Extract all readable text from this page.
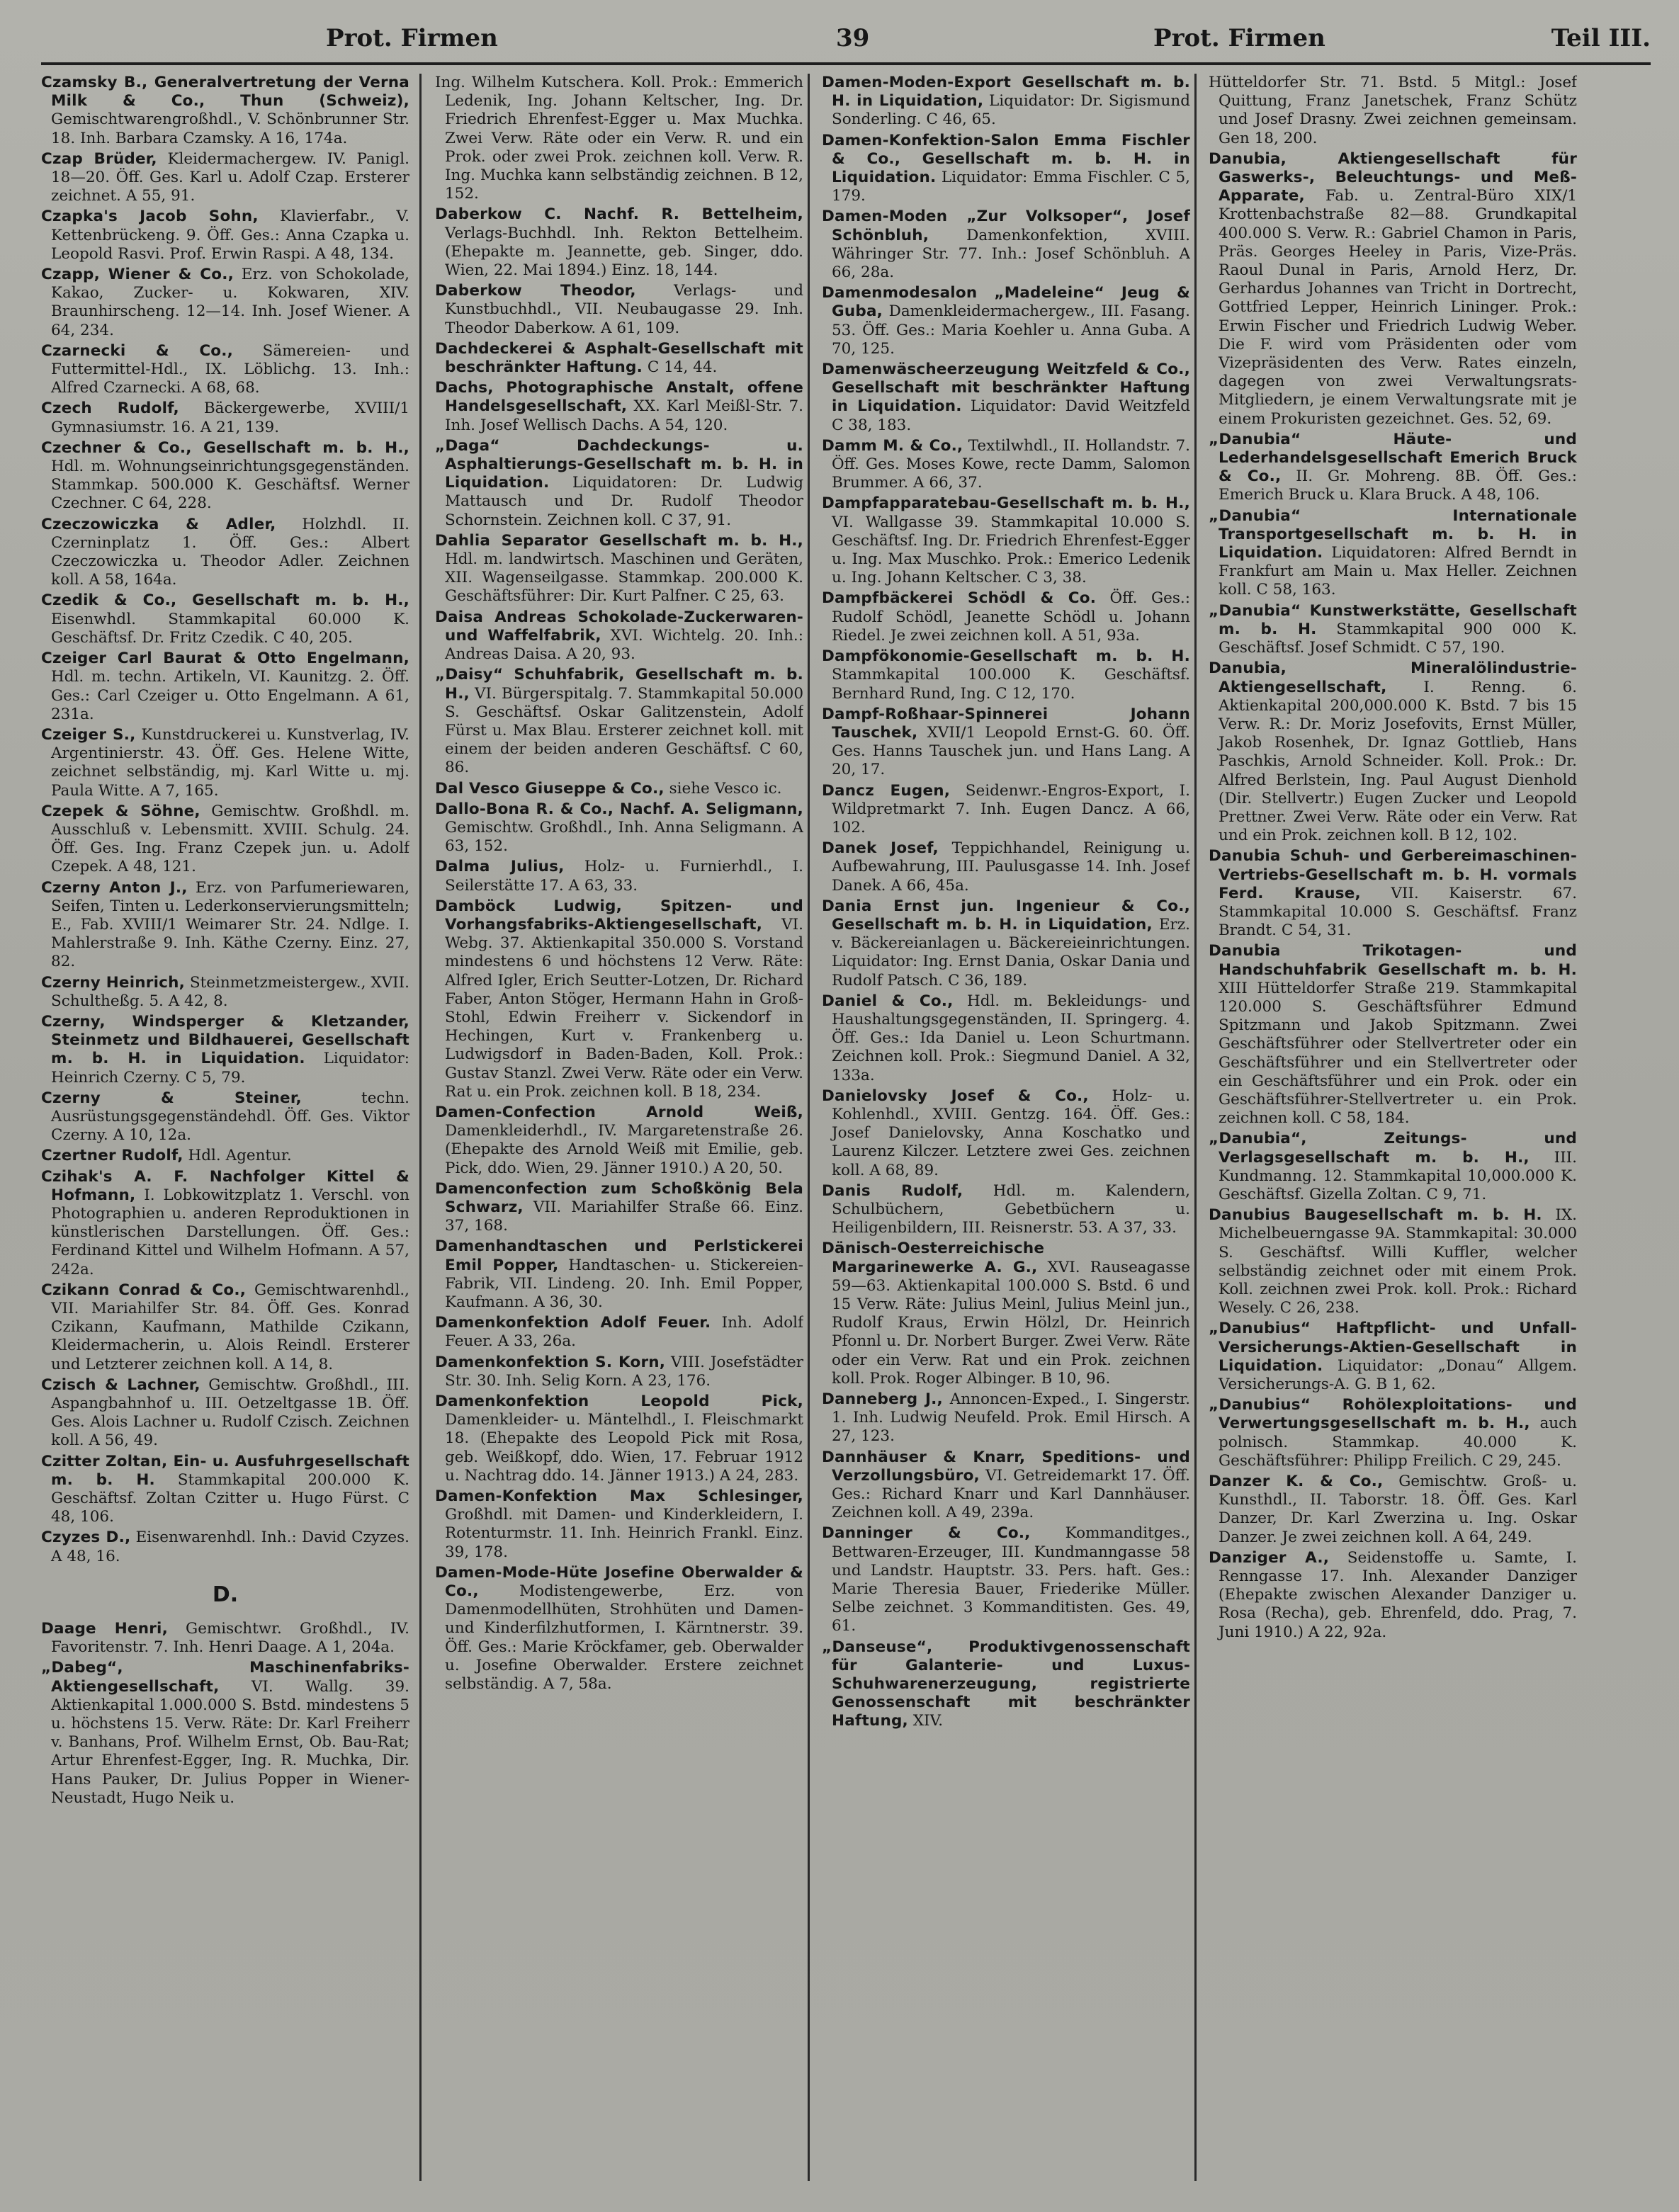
Prot. Firmen	39	Prot. Firmen	Teil III.
Czamsky B., Generalvertretung der Verna Milk & Co., Thun (Schweiz), Gemischtwarengroßhdl., V. Schönbrunner Str. 18. Inh. Barbara Czamsky. A 16, 174a.
Czap Brüder, Kleidermachergew. IV. Panigl. 18—20. Öff. Ges. Karl u. Adolf Czap. Ersterer zeichnet. A 55, 91.
Czapka's Jacob Sohn, Klavierfabr., V. Kettenbrückeng. 9. Öff. Ges.: Anna Czapka u. Leopold Rasvi. Prof. Erwin Raspi. A 48, 134.
Czapp, Wiener & Co., Erz. von Schokolade, Kakao, Zucker- u. Kokwaren, XIV. Braunhirscheng. 12—14. Inh. Josef Wiener. A 64, 234.
Czarnecki & Co., Sämereien- und Futtermittel-Hdl., IX. Löblichg. 13. Inh.: Alfred Czarnecki. A 68, 68.
Czech Rudolf, Bäckergewerbe, XVIII/1 Gymnasiumstr. 16. A 21, 139.
Czechner & Co., Gesellschaft m. b. H., Hdl. m. Wohnungseinrichtungsgegenständen. Stammkap. 500.000 K. Geschäftsf. Werner Czechner. C 64, 228.
Czeczowiczka & Adler, Holzhdl. II. Czerninplatz 1. Öff. Ges.: Albert Czeczowiczka u. Theodor Adler. Zeichnen koll. A 58, 164a.
Czedik & Co., Gesellschaft m. b. H., Eisenwhdl. Stammkapital 60.000 K. Geschäftsf. Dr. Fritz Czedik. C 40, 205.
Czeiger Carl Baurat & Otto Engelmann, Hdl. m. techn. Artikeln, VI. Kaunitzg. 2. Öff. Ges.: Carl Czeiger u. Otto Engelmann. A 61, 231a.
Czeiger S., Kunstdruckerei u. Kunstverlag, IV. Argentinierstr. 43. Öff. Ges. Helene Witte, zeichnet selbständig, mj. Karl Witte u. mj. Paula Witte. A 7, 165.
Czepek & Söhne, Gemischtw. Großhdl. m. Ausschluß v. Lebensmitt. XVIII. Schulg. 24. Öff. Ges. Ing. Franz Czepek jun. u. Adolf Czepek. A 48, 121.
Czerny Anton J., Erz. von Parfumeriewaren, Seifen, Tinten u. Lederkonservierungsmitteln; E., Fab. XVIII/1 Weimarer Str. 24. Ndlge. I. Mahlerstraße 9. Inh. Käthe Czerny. Einz. 27, 82.
Czerny Heinrich, Steinmetzmeistergew., XVII. Schultheßg. 5. A 42, 8.
Czerny, Windsperger & Kletzander, Steinmetz und Bildhauerei, Gesellschaft m. b. H. in Liquidation. Liquidator: Heinrich Czerny. C 5, 79.
Czerny & Steiner, techn. Ausrüstungsgegenständehdl. Öff. Ges. Viktor Czerny. A 10, 12a.
Czertner Rudolf, Hdl. Agentur.
Czihak's A. F. Nachfolger Kittel & Hofmann, I. Lobkowitzplatz 1. Verschl. von Photographien u. anderen Reproduktionen in künstlerischen Darstellungen. Öff. Ges.: Ferdinand Kittel und Wilhelm Hofmann. A 57, 242a.
Czikann Conrad & Co., Gemischtwarenhdl., VII. Mariahilfer Str. 84. Öff. Ges. Konrad Czikann, Kaufmann, Mathilde Czikann, Kleidermacherin, u. Alois Reindl. Ersterer und Letzterer zeichnen koll. A 14, 8.
Czisch & Lachner, Gemischtw. Großhdl., III. Aspangbahnhof u. III. Oetzeltgasse 1B. Öff. Ges. Alois Lachner u. Rudolf Czisch. Zeichnen koll. A 56, 49.
Czitter Zoltan, Ein- u. Ausfuhrgesellschaft m. b. H. Stammkapital 200.000 K. Geschäftsf. Zoltan Czitter u. Hugo Fürst. C 48, 106.
Czyzes D., Eisenwarenhdl. Inh.: David Czyzes. A 48, 16.
D.
Daage Henri, Gemischtwr. Großhdl., IV. Favoritenstr. 7. Inh. Henri Daage. A 1, 204a.
„Dabeg“, Maschinenfabriks-Aktiengesellschaft, VI. Wallg. 39. Aktienkapital 1.000.000 S. Bstd. mindestens 5 u. höchstens 15. Verw. Räte: Dr. Karl Freiherr v. Banhans, Prof. Wilhelm Ernst, Ob. Bau-Rat; Artur Ehrenfest-Egger, Ing. R. Muchka, Dir. Hans Pauker, Dr. Julius Popper in Wiener-Neustadt, Hugo Neik u.
Ing. Wilhelm Kutschera. Koll. Prok.: Emmerich Ledenik, Ing. Johann Keltscher, Ing. Dr. Friedrich Ehrenfest-Egger u. Max Muchka. Zwei Verw. Räte oder ein Verw. R. und ein Prok. oder zwei Prok. zeichnen koll. Verw. R. Ing. Muchka kann selbständig zeichnen. B 12, 152.
Daberkow C. Nachf. R. Bettelheim, Verlags-Buchhdl. Inh. Rekton Bettelheim. (Ehepakte m. Jeannette, geb. Singer, ddo. Wien, 22. Mai 1894.) Einz. 18, 144.
Daberkow Theodor, Verlags- und Kunstbuchhdl., VII. Neubaugasse 29. Inh. Theodor Daberkow. A 61, 109.
Dachdeckerei & Asphalt-Gesellschaft mit beschränkter Haftung. C 14, 44.
Dachs, Photographische Anstalt, offene Handelsgesellschaft, XX. Karl Meißl-Str. 7. Inh. Josef Wellisch Dachs. A 54, 120.
„Daga“ Dachdeckungs- u. Asphaltierungs-Gesellschaft m. b. H. in Liquidation. Liquidatoren: Dr. Ludwig Mattausch und Dr. Rudolf Theodor Schornstein. Zeichnen koll. C 37, 91.
Dahlia Separator Gesellschaft m. b. H., Hdl. m. landwirtsch. Maschinen und Geräten, XII. Wagenseilgasse. Stammkap. 200.000 K. Geschäftsführer: Dir. Kurt Palfner. C 25, 63.
Daisa Andreas Schokolade-Zuckerwaren- und Waffelfabrik, XVI. Wichtelg. 20. Inh.: Andreas Daisa. A 20, 93.
„Daisy“ Schuhfabrik, Gesellschaft m. b. H., VI. Bürgerspitalg. 7. Stammkapital 50.000 S. Geschäftsf. Oskar Galitzenstein, Adolf Fürst u. Max Blau. Ersterer zeichnet koll. mit einem der beiden anderen Geschäftsf. C 60, 86.
Dal Vesco Giuseppe & Co., siehe Vesco ic.
Dallo-Bona R. & Co., Nachf. A. Seligmann, Gemischtw. Großhdl., Inh. Anna Seligmann. A 63, 152.
Dalma Julius, Holz- u. Furnierhdl., I. Seilerstätte 17. A 63, 33.
Damböck Ludwig, Spitzen- und Vorhangsfabriks-Aktiengesellschaft, VI. Webg. 37. Aktienkapital 350.000 S. Vorstand mindestens 6 und höchstens 12 Verw. Räte: Alfred Igler, Erich Seutter-Lotzen, Dr. Richard Faber, Anton Stöger, Hermann Hahn in Groß-Stohl, Edwin Freiherr v. Sickendorf in Hechingen, Kurt v. Frankenberg u. Ludwigsdorf in Baden-Baden, Koll. Prok.: Gustav Stanzl. Zwei Verw. Räte oder ein Verw. Rat u. ein Prok. zeichnen koll. B 18, 234.
Damen-Confection Arnold Weiß, Damenkleiderhdl., IV. Margaretenstraße 26. (Ehepakte des Arnold Weiß mit Emilie, geb. Pick, ddo. Wien, 29. Jänner 1910.) A 20, 50.
Damenconfection zum Schoßkönig Bela Schwarz, VII. Mariahilfer Straße 66. Einz. 37, 168.
Damenhandtaschen und Perlstickerei Emil Popper, Handtaschen- u. Stickereien-Fabrik, VII. Lindeng. 20. Inh. Emil Popper, Kaufmann. A 36, 30.
Damenkonfektion Adolf Feuer. Inh. Adolf Feuer. A 33, 26a.
Damenkonfektion S. Korn, VIII. Josefstädter Str. 30. Inh. Selig Korn. A 23, 176.
Damenkonfektion Leopold Pick, Damenkleider- u. Mäntelhdl., I. Fleischmarkt 18. (Ehepakte des Leopold Pick mit Rosa, geb. Weißkopf, ddo. Wien, 17. Februar 1912 u. Nachtrag ddo. 14. Jänner 1913.) A 24, 283.
Damen-Konfektion Max Schlesinger, Großhdl. mit Damen- und Kinderkleidern, I. Rotenturmstr. 11. Inh. Heinrich Frankl. Einz. 39, 178.
Damen-Mode-Hüte Josefine Oberwalder & Co., Modistengewerbe, Erz. von Damenmodellhüten, Strohhüten und Damen- und Kinderfilzhutformen, I. Kärntnerstr. 39. Öff. Ges.: Marie Kröckfamer, geb. Oberwalder u. Josefine Oberwalder. Erstere zeichnet selbständig. A 7, 58a.
Damen-Moden-Export Gesellschaft m. b. H. in Liquidation, Liquidator: Dr. Sigismund Sonderling. C 46, 65.
Damen-Konfektion-Salon Emma Fischler & Co., Gesellschaft m. b. H. in Liquidation. Liquidator: Emma Fischler. C 5, 179.
Damen-Moden „Zur Volksoper“, Josef Schönbluh, Damenkonfektion, XVIII. Währinger Str. 77. Inh.: Josef Schönbluh. A 66, 28a.
Damenmodesalon „Madeleine“ Jeug & Guba, Damenkleidermachergew., III. Fasang. 53. Öff. Ges.: Maria Koehler u. Anna Guba. A 70, 125.
Damenwäscheerzeugung Weitzfeld & Co., Gesellschaft mit beschränkter Haftung in Liquidation. Liquidator: David Weitzfeld C 38, 183.
Damm M. & Co., Textilwhdl., II. Hollandstr. 7. Öff. Ges. Moses Kowe, recte Damm, Salomon Brummer. A 66, 37.
Dampfapparatebau-Gesellschaft m. b. H., VI. Wallgasse 39. Stammkapital 10.000 S. Geschäftsf. Ing. Dr. Friedrich Ehrenfest-Egger u. Ing. Max Muschko. Prok.: Emerico Ledenik u. Ing. Johann Keltscher. C 3, 38.
Dampfbäckerei Schödl & Co. Öff. Ges.: Rudolf Schödl, Jeanette Schödl u. Johann Riedel. Je zwei zeichnen koll. A 51, 93a.
Dampfökonomie-Gesellschaft m. b. H. Stammkapital 100.000 K. Geschäftsf. Bernhard Rund, Ing. C 12, 170.
Dampf-Roßhaar-Spinnerei Johann Tauschek, XVII/1 Leopold Ernst-G. 60. Öff. Ges. Hanns Tauschek jun. und Hans Lang. A 20, 17.
Dancz Eugen, Seidenwr.-Engros-Export, I. Wildpretmarkt 7. Inh. Eugen Dancz. A 66, 102.
Danek Josef, Teppichhandel, Reinigung u. Aufbewahrung, III. Paulusgasse 14. Inh. Josef Danek. A 66, 45a.
Dania Ernst jun. Ingenieur & Co., Gesellschaft m. b. H. in Liquidation, Erz. v. Bäckereianlagen u. Bäckereieinrichtungen. Liquidator: Ing. Ernst Dania, Oskar Dania und Rudolf Patsch. C 36, 189.
Daniel & Co., Hdl. m. Bekleidungs- und Haushaltungsgegenständen, II. Springerg. 4. Öff. Ges.: Ida Daniel u. Leon Schurtmann. Zeichnen koll. Prok.: Siegmund Daniel. A 32, 133a.
Danielovsky Josef & Co., Holz- u. Kohlenhdl., XVIII. Gentzg. 164. Öff. Ges.: Josef Danielovsky, Anna Koschatko und Laurenz Kilczer. Letztere zwei Ges. zeichnen koll. A 68, 89.
Danis Rudolf, Hdl. m. Kalendern, Schulbüchern, Gebetbüchern u. Heiligenbildern, III. Reisnerstr. 53. A 37, 33.
Dänisch-Oesterreichische Margarinewerke A. G., XVI. Rauseagasse 59—63. Aktienkapital 100.000 S. Bstd. 6 und 15 Verw. Räte: Julius Meinl, Julius Meinl jun., Rudolf Kraus, Erwin Hölzl, Dr. Heinrich Pfonnl u. Dr. Norbert Burger. Zwei Verw. Räte oder ein Verw. Rat und ein Prok. zeichnen koll. Prok. Roger Albinger. B 10, 96.
Danneberg J., Annoncen-Exped., I. Singerstr. 1. Inh. Ludwig Neufeld. Prok. Emil Hirsch. A 27, 123.
Dannhäuser & Knarr, Speditions- und Verzollungsbüro, VI. Getreidemarkt 17. Öff. Ges.: Richard Knarr und Karl Dannhäuser. Zeichnen koll. A 49, 239a.
Danninger & Co., Kommanditges., Bettwaren-Erzeuger, III. Kundmanngasse 58 und Landstr. Hauptstr. 33. Pers. haft. Ges.: Marie Theresia Bauer, Friederike Müller. Selbe zeichnet. 3 Kommanditisten. Ges. 49, 61.
„Danseuse“, Produktivgenossenschaft für Galanterie- und Luxus-Schuhwarenerzeugung, registrierte Genossenschaft mit beschränkter Haftung, XIV.
Hütteldorfer Str. 71. Bstd. 5 Mitgl.: Josef Quittung, Franz Janetschek, Franz Schütz und Josef Drasny. Zwei zeichnen gemeinsam. Gen 18, 200.
Danubia, Aktiengesellschaft für Gaswerks-, Beleuchtungs- und Meß-Apparate, Fab. u. Zentral-Büro XIX/1 Krottenbachstraße 82—88. Grundkapital 400.000 S. Verw. R.: Gabriel Chamon in Paris, Präs. Georges Heeley in Paris, Vize-Präs. Raoul Dunal in Paris, Arnold Herz, Dr. Gerhardus Johannes van Tricht in Dortrecht, Gottfried Lepper, Heinrich Lininger. Prok.: Erwin Fischer und Friedrich Ludwig Weber. Die F. wird vom Präsidenten oder vom Vizepräsidenten des Verw. Rates einzeln, dagegen von zwei Verwaltungsrats-Mitgliedern, je einem Verwaltungsrate mit je einem Prokuristen gezeichnet. Ges. 52, 69.
„Danubia“ Häute- und Lederhandelsgesellschaft Emerich Bruck & Co., II. Gr. Mohreng. 8B. Öff. Ges.: Emerich Bruck u. Klara Bruck. A 48, 106.
„Danubia“ Internationale Transportgesellschaft m. b. H. in Liquidation. Liquidatoren: Alfred Berndt in Frankfurt am Main u. Max Heller. Zeichnen koll. C 58, 163.
„Danubia“ Kunstwerkstätte, Gesellschaft m. b. H. Stammkapital 900 000 K. Geschäftsf. Josef Schmidt. C 57, 190.
Danubia, Mineralölindustrie-Aktiengesellschaft, I. Renng. 6. Aktienkapital 200,000.000 K. Bstd. 7 bis 15 Verw. R.: Dr. Moriz Josefovits, Ernst Müller, Jakob Rosenhek, Dr. Ignaz Gottlieb, Hans Paschkis, Arnold Schneider. Koll. Prok.: Dr. Alfred Berlstein, Ing. Paul August Dienhold (Dir. Stellvertr.) Eugen Zucker und Leopold Prettner. Zwei Verw. Räte oder ein Verw. Rat und ein Prok. zeichnen koll. B 12, 102.
Danubia Schuh- und Gerbereimaschinen-Vertriebs-Gesellschaft m. b. H. vormals Ferd. Krause, VII. Kaiserstr. 67. Stammkapital 10.000 S. Geschäftsf. Franz Brandt. C 54, 31.
Danubia Trikotagen- und Handschuhfabrik Gesellschaft m. b. H. XIII Hütteldorfer Straße 219. Stammkapital 120.000 S. Geschäftsführer Edmund Spitzmann und Jakob Spitzmann. Zwei Geschäftsführer oder Stellvertreter oder ein Geschäftsführer und ein Stellvertreter oder ein Geschäftsführer und ein Prok. oder ein Geschäftsführer-Stellvertreter u. ein Prok. zeichnen koll. C 58, 184.
„Danubia“, Zeitungs- und Verlagsgesellschaft m. b. H., III. Kundmanng. 12. Stammkapital 10,000.000 K. Geschäftsf. Gizella Zoltan. C 9, 71.
Danubius Baugesellschaft m. b. H. IX. Michelbeuerngasse 9A. Stammkapital: 30.000 S. Geschäftsf. Willi Kuffler, welcher selbständig zeichnet oder mit einem Prok. Koll. zeichnen zwei Prok. koll. Prok.: Richard Wesely. C 26, 238.
„Danubius“ Haftpflicht- und Unfall-Versicherungs-Aktien-Gesellschaft in Liquidation. Liquidator: „Donau“ Allgem. Versicherungs-A. G. B 1, 62.
„Danubius“ Rohölexploitations- und Verwertungsgesellschaft m. b. H., auch polnisch. Stammkap. 40.000 K. Geschäftsführer: Philipp Freilich. C 29, 245.
Danzer K. & Co., Gemischtw. Groß- u. Kunsthdl., II. Taborstr. 18. Öff. Ges. Karl Danzer, Dr. Karl Zwerzina u. Ing. Oskar Danzer. Je zwei zeichnen koll. A 64, 249.
Danziger A., Seidenstoffe u. Samte, I. Renngasse 17. Inh. Alexander Danziger (Ehepakte zwischen Alexander Danziger u. Rosa (Recha), geb. Ehrenfeld, ddo. Prag, 7. Juni 1910.) A 22, 92a.
